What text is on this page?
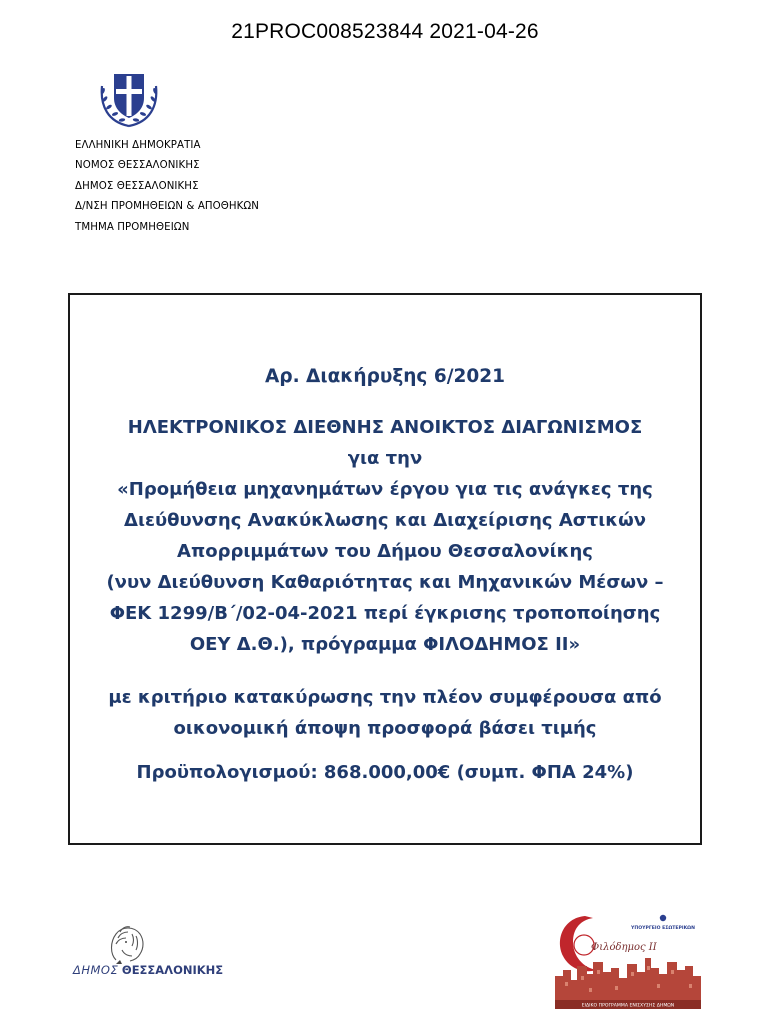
21PROC008523844 2021-04-26
ΕΛΛΗΝΙΚΗ ΔΗΜΟΚΡΑΤΙΑ
ΝΟΜΟΣ ΘΕΣΣΑΛΟΝΙΚΗΣ
ΔΗΜΟΣ ΘΕΣΣΑΛΟΝΙΚΗΣ
Δ/ΝΣΗ ΠΡΟΜΗΘΕΙΩΝ & ΑΠΟΘΗΚΩΝ
ΤΜΗΜΑ ΠΡΟΜΗΘΕΙΩΝ
Αρ. Διακήρυξης 6/2021
ΗΛΕΚΤΡΟΝΙΚΟΣ ΔΙΕΘΝΗΣ ΑΝΟΙΚΤΟΣ ΔΙΑΓΩΝΙΣΜΟΣ
για την
«Προμήθεια μηχανημάτων έργου για τις ανάγκες της
Διεύθυνσης Ανακύκλωσης και Διαχείρισης Αστικών
Απορριμμάτων του Δήμου Θεσσαλονίκης
(νυν Διεύθυνση Καθαριότητας και Μηχανικών Μέσων –
ΦΕΚ 1299/Β΄/02-04-2021 περί έγκρισης τροποποίησης
ΟΕΥ Δ.Θ.), πρόγραμμα ΦΙΛΟΔΗΜΟΣ ΙΙ»
με κριτήριο κατακύρωσης την πλέον συμφέρουσα από
οικονομική άποψη προσφορά βάσει τιμής
Προϋπολογισμού: 868.000,00€ (συμπ. ΦΠΑ 24%)
ΔΗΜΟΣ ΘΕΣΣΑΛΟΝΙΚΗΣ
Φιλόδημος ΙΙ
ΥΠΟΥΡΓΕΙΟ ΕΣΩΤΕΡΙΚΩΝ
ΕΙΔΙΚΟ ΠΡΟΓΡΑΜΜΑ ΕΝΙΣΧΥΣΗΣ ΔΗΜΩΝ
